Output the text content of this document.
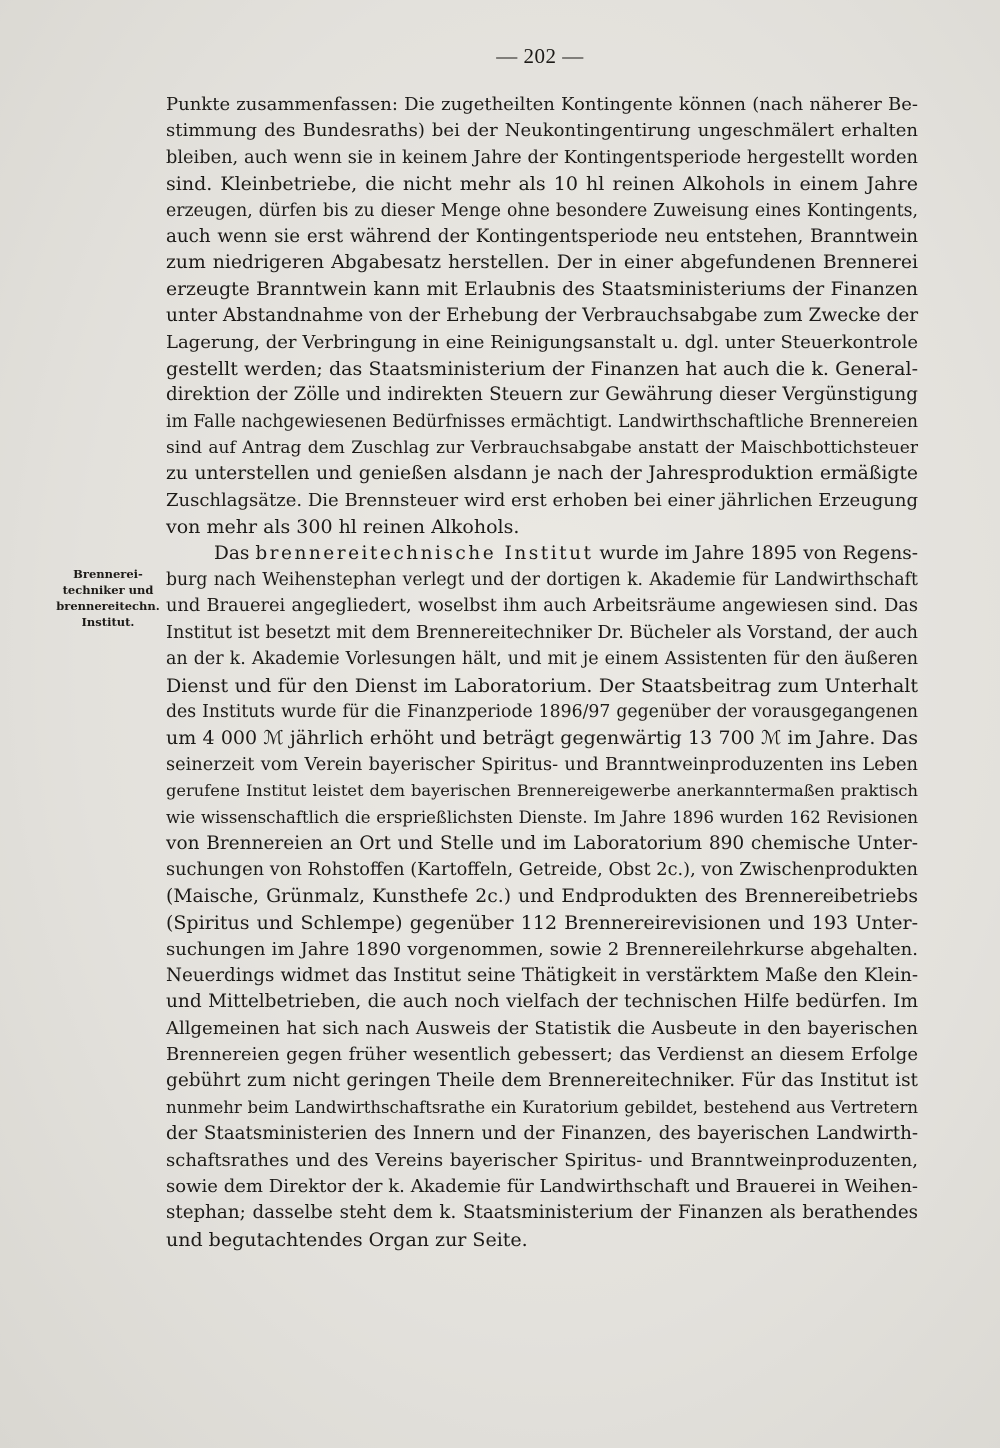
— 202 —
Brennerei-
techniker und
brennereitechn.
Institut.
Punkte zusammenfassen: Die zugetheilten Kontingente können (nach näherer Be-
stimmung des Bundesraths) bei der Neukontingentirung ungeschmälert erhalten
bleiben, auch wenn sie in keinem Jahre der Kontingentsperiode hergestellt worden
sind. Kleinbetriebe, die nicht mehr als 10 hl reinen Alkohols in einem Jahre
erzeugen, dürfen bis zu dieser Menge ohne besondere Zuweisung eines Kontingents,
auch wenn sie erst während der Kontingentsperiode neu entstehen, Branntwein
zum niedrigeren Abgabesatz herstellen. Der in einer abgefundenen Brennerei
erzeugte Branntwein kann mit Erlaubnis des Staatsministeriums der Finanzen
unter Abstandnahme von der Erhebung der Verbrauchsabgabe zum Zwecke der
Lagerung, der Verbringung in eine Reinigungsanstalt u. dgl. unter Steuerkontrole
gestellt werden; das Staatsministerium der Finanzen hat auch die k. General-
direktion der Zölle und indirekten Steuern zur Gewährung dieser Vergünstigung
im Falle nachgewiesenen Bedürfnisses ermächtigt. Landwirthschaftliche Brennereien
sind auf Antrag dem Zuschlag zur Verbrauchsabgabe anstatt der Maischbottichsteuer
zu unterstellen und genießen alsdann je nach der Jahresproduktion ermäßigte
Zuschlagsätze. Die Brennsteuer wird erst erhoben bei einer jährlichen Erzeugung
von mehr als 300 hl reinen Alkohols.
Das brennereitechnische Institut wurde im Jahre 1895 von Regens-
burg nach Weihenstephan verlegt und der dortigen k. Akademie für Landwirthschaft
und Brauerei angegliedert, woselbst ihm auch Arbeitsräume angewiesen sind. Das
Institut ist besetzt mit dem Brennereitechniker Dr. Bücheler als Vorstand, der auch
an der k. Akademie Vorlesungen hält, und mit je einem Assistenten für den äußeren
Dienst und für den Dienst im Laboratorium. Der Staatsbeitrag zum Unterhalt
des Instituts wurde für die Finanzperiode 1896/97 gegenüber der vorausgegangenen
um 4 000 ℳ jährlich erhöht und beträgt gegenwärtig 13 700 ℳ im Jahre. Das
seinerzeit vom Verein bayerischer Spiritus- und Branntweinproduzenten ins Leben
gerufene Institut leistet dem bayerischen Brennereigewerbe anerkanntermaßen praktisch
wie wissenschaftlich die ersprießlichsten Dienste. Im Jahre 1896 wurden 162 Revisionen
von Brennereien an Ort und Stelle und im Laboratorium 890 chemische Unter-
suchungen von Rohstoffen (Kartoffeln, Getreide, Obst 2c.), von Zwischenprodukten
(Maische, Grünmalz, Kunsthefe 2c.) und Endprodukten des Brennereibetriebs
(Spiritus und Schlempe) gegenüber 112 Brennereirevisionen und 193 Unter-
suchungen im Jahre 1890 vorgenommen, sowie 2 Brennereilehrkurse abgehalten.
Neuerdings widmet das Institut seine Thätigkeit in verstärktem Maße den Klein-
und Mittelbetrieben, die auch noch vielfach der technischen Hilfe bedürfen. Im
Allgemeinen hat sich nach Ausweis der Statistik die Ausbeute in den bayerischen
Brennereien gegen früher wesentlich gebessert; das Verdienst an diesem Erfolge
gebührt zum nicht geringen Theile dem Brennereitechniker. Für das Institut ist
nunmehr beim Landwirthschaftsrathe ein Kuratorium gebildet, bestehend aus Vertretern
der Staatsministerien des Innern und der Finanzen, des bayerischen Landwirth-
schaftsrathes und des Vereins bayerischer Spiritus- und Branntweinproduzenten,
sowie dem Direktor der k. Akademie für Landwirthschaft und Brauerei in Weihen-
stephan; dasselbe steht dem k. Staatsministerium der Finanzen als berathendes
und begutachtendes Organ zur Seite.
